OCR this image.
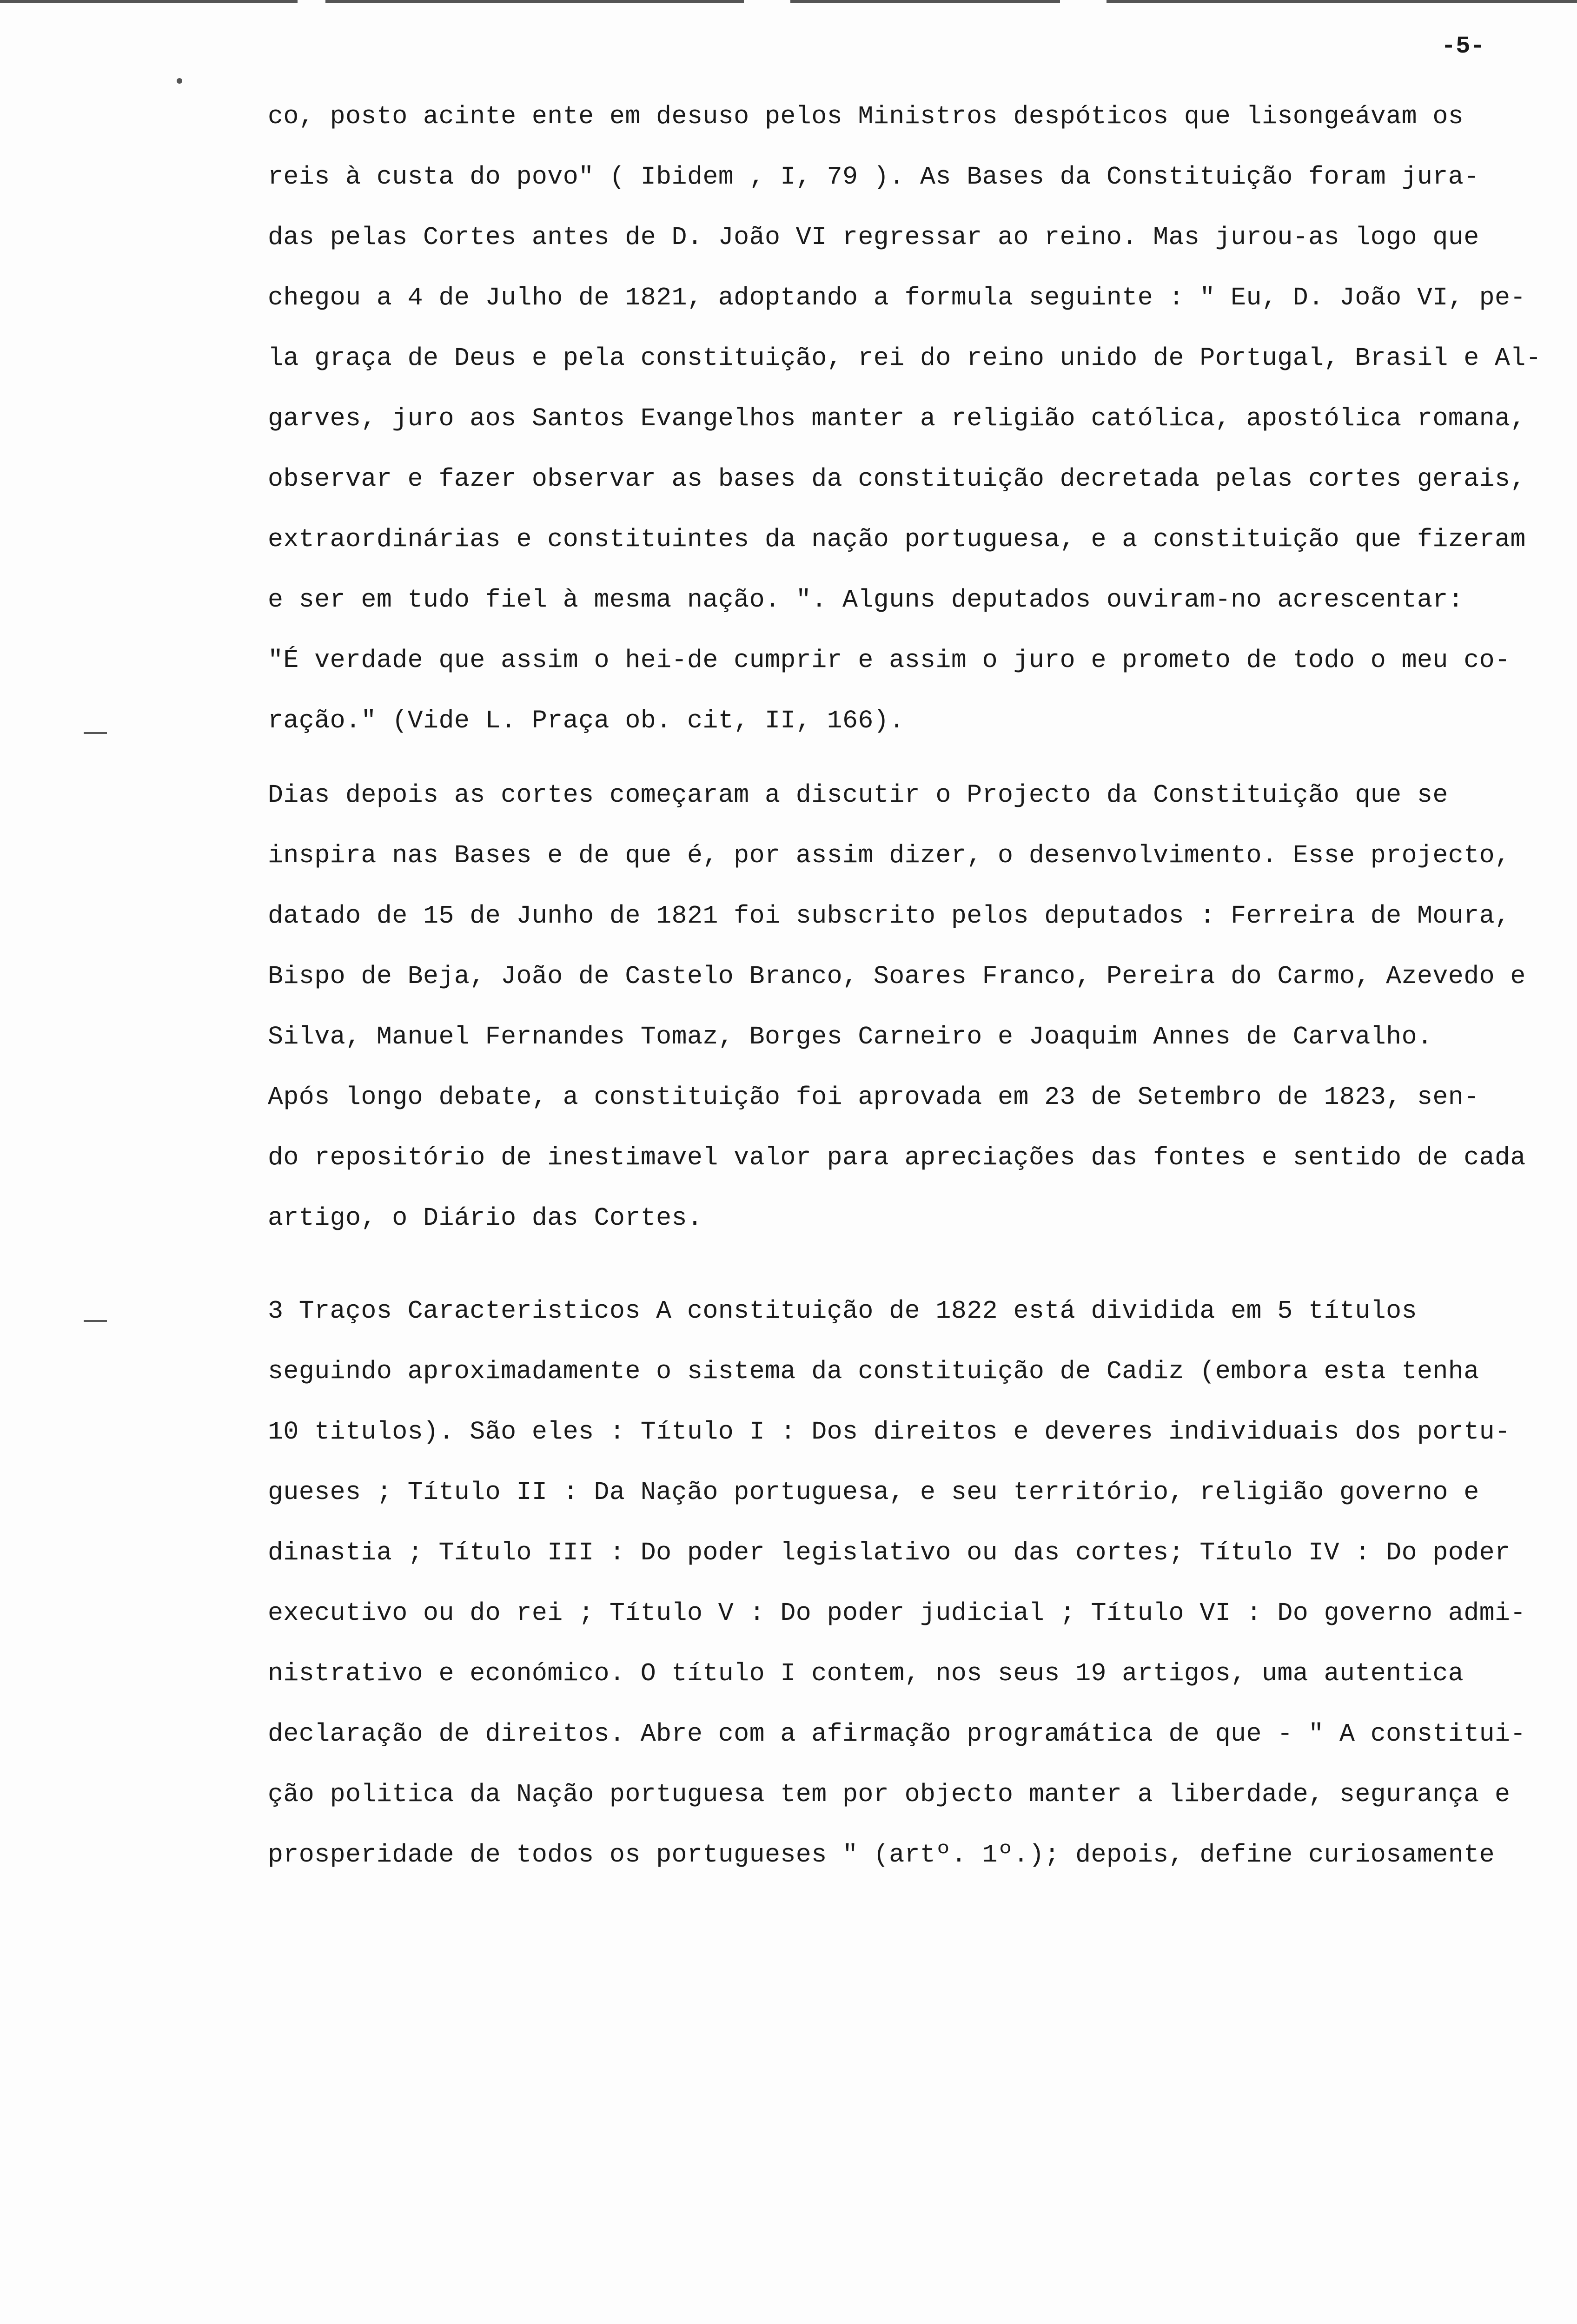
-5-
co, posto acinte ente em desuso pelos Ministros despóticos que lisongeávam os
reis à custa do povo" ( Ibidem , I, 79 ). As Bases da Constituição foram jura-
das pelas Cortes antes de D. João VI regressar ao reino. Mas jurou-as logo que
chegou a 4 de Julho de 1821, adoptando a formula seguinte : " Eu, D. João VI, pe-
la graça de Deus e pela constituição, rei do reino unido de Portugal, Brasil e Al-
garves, juro aos Santos Evangelhos manter a religião católica, apostólica romana,
observar e fazer observar as bases da constituição decretada pelas cortes gerais,
extraordinárias e constituintes da nação portuguesa, e a constituição que fizeram
e ser em tudo fiel à mesma nação. ". Alguns deputados ouviram-no acrescentar:
"É verdade que assim o hei-de cumprir e assim o juro e prometo de todo o meu co-
ração." (Vide L. Praça ob. cit, II, 166).
Dias depois as cortes começaram a discutir o Projecto da Constituição que se
inspira nas Bases e de que é, por assim dizer, o desenvolvimento. Esse projecto,
datado de 15 de Junho de 1821 foi subscrito pelos deputados : Ferreira de Moura,
Bispo de Beja, João de Castelo Branco, Soares Franco, Pereira do Carmo, Azevedo e
Silva, Manuel Fernandes Tomaz, Borges Carneiro e Joaquim Annes de Carvalho.
Após longo debate, a constituição foi aprovada em 23 de Setembro de 1823, sen-
do repositório de inestimavel valor para apreciações das fontes e sentido de cada
artigo, o Diário das Cortes.
3 Traços Caracteristicos A constituição de 1822 está dividida em 5 títulos
seguindo aproximadamente o sistema da constituição de Cadiz (embora esta tenha
10 titulos). São eles : Título I : Dos direitos e deveres individuais dos portu-
gueses ; Título II : Da Nação portuguesa, e seu território, religião governo e
dinastia ; Título III : Do poder legislativo ou das cortes; Título IV : Do poder
executivo ou do rei ; Título V : Do poder judicial ; Título VI : Do governo admi-
nistrativo e económico. O título I contem, nos seus 19 artigos, uma autentica
declaração de direitos. Abre com a afirmação programática de que - " A constitui-
ção politica da Nação portuguesa tem por objecto manter a liberdade, segurança e
prosperidade de todos os portugueses " (artº. 1º.); depois, define curiosamente
